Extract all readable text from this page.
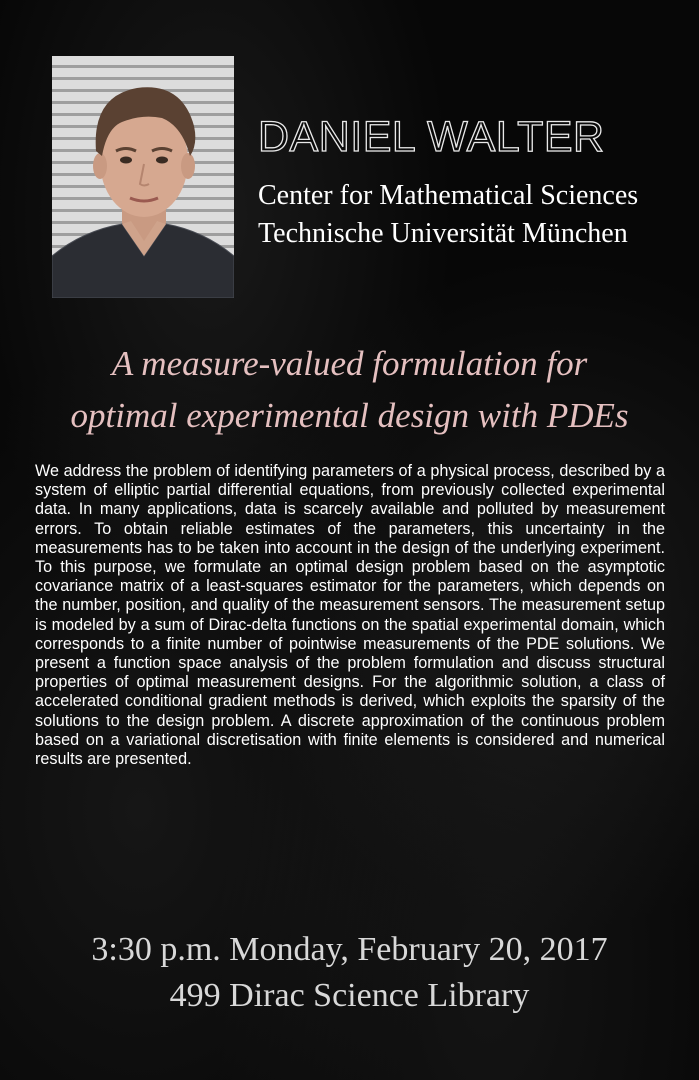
DANIEL WALTER
Center for Mathematical Sciences
Technische Universität München
A measure-valued formulation for
optimal experimental design with PDEs

We address the problem of identifying parameters of a physical process, described by a system of elliptic partial differential equations, from previously collected experimental data. In many applications, data is scarcely available and polluted by measurement errors. To obtain reliable estimates of the parameters, this uncertainty in the measurements has to be taken into account in the design of the underlying experiment. To this purpose, we formulate an optimal design problem based on the asymptotic covariance matrix of a least-squares estimator for the parameters, which depends on the number, position, and quality of the measurement sensors. The measurement setup is modeled by a sum of Dirac-delta functions on the spatial experimental domain, which corresponds to a finite number of pointwise measurements of the PDE solutions. We present a function space analysis of the problem formulation and discuss structural properties of optimal measurement designs. For the algorithmic solution, a class of accelerated conditional gradient methods is derived, which exploits the sparsity of the solutions to the design problem. A discrete approximation of the continuous problem based on a variational discretisation with finite elements is considered and numerical results are presented.

3:30 p.m. Monday, February 20, 2017
499 Dirac Science Library
